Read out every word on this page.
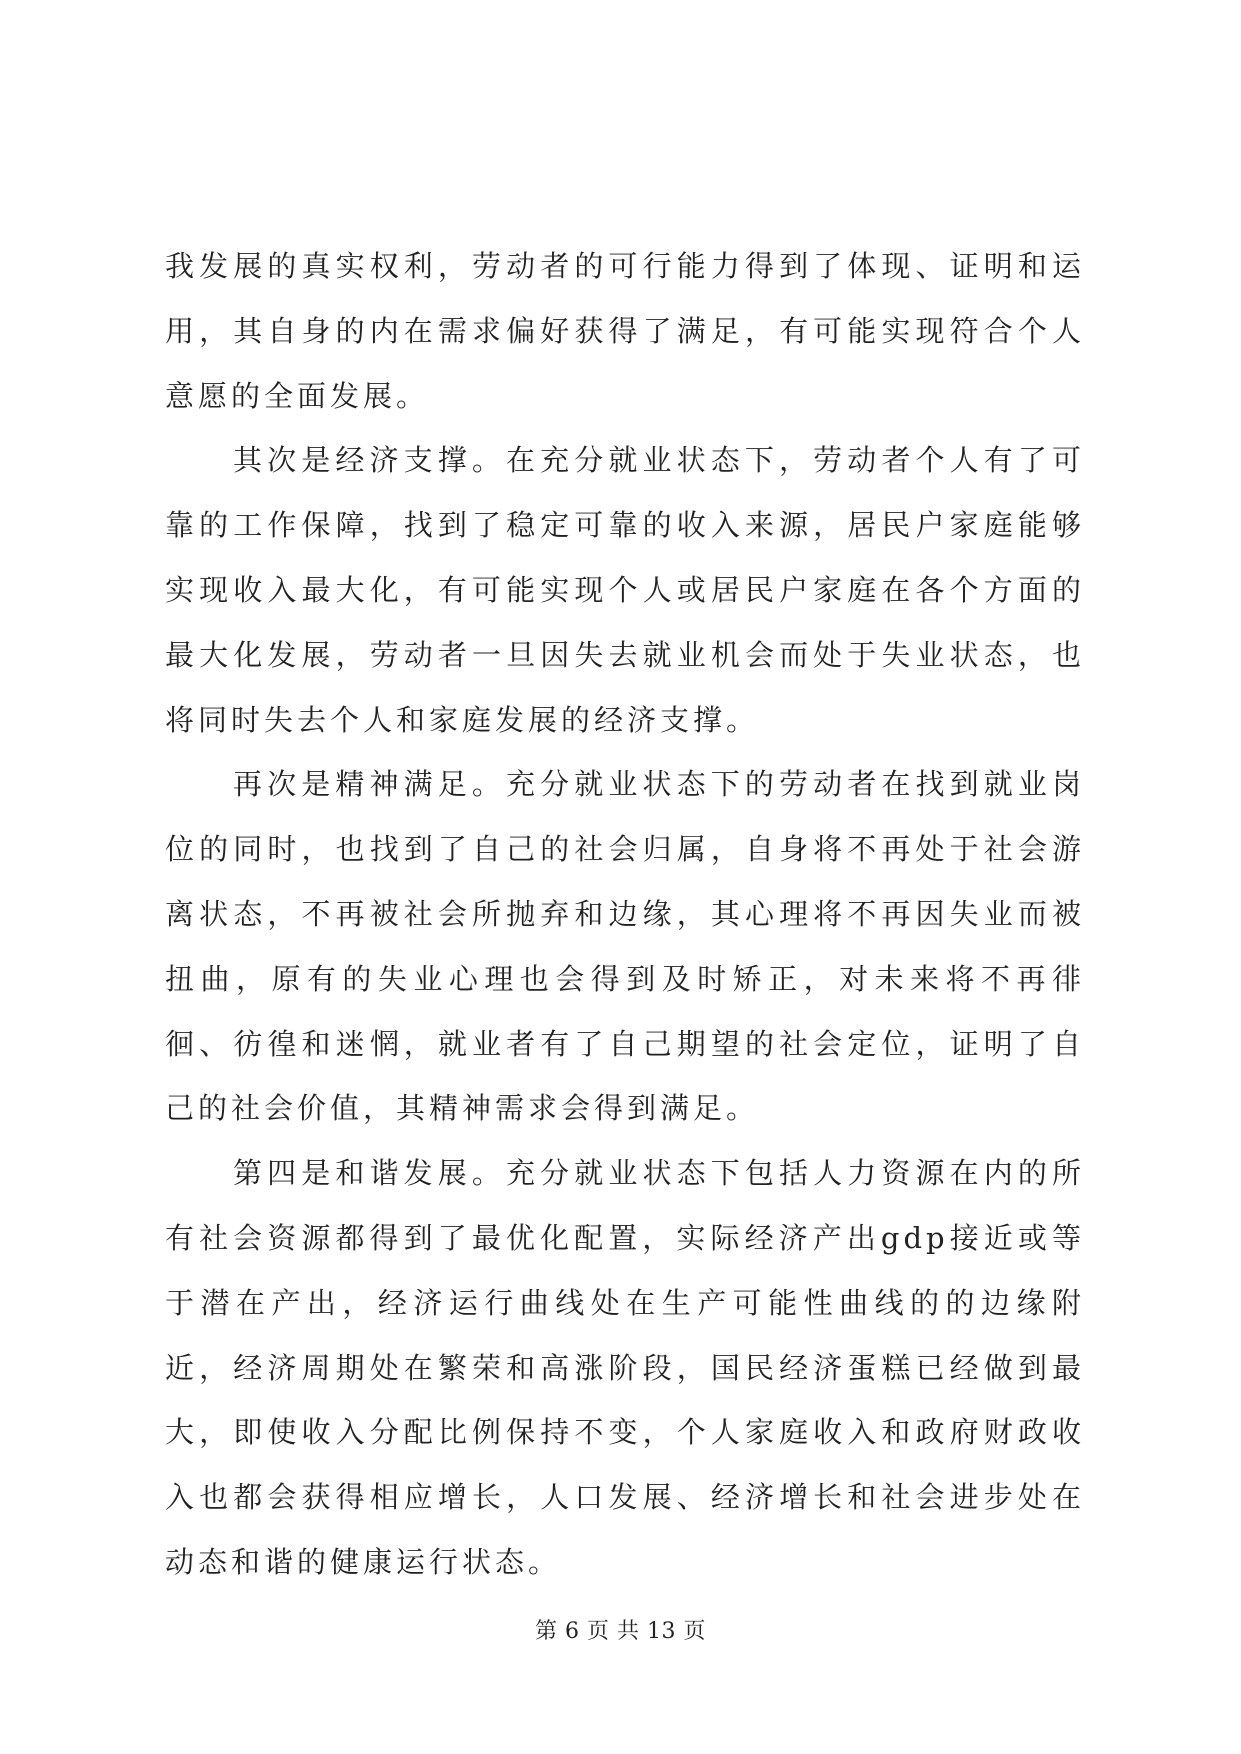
我发展的真实权利，劳动者的可行能力得到了体现、证明和运用，其自身的内在需求偏好获得了满足，有可能实现符合个人意愿的全面发展。

其次是经济支撑。在充分就业状态下，劳动者个人有了可靠的工作保障，找到了稳定可靠的收入来源，居民户家庭能够实现收入最大化，有可能实现个人或居民户家庭在各个方面的最大化发展，劳动者一旦因失去就业机会而处于失业状态，也将同时失去个人和家庭发展的经济支撑。

再次是精神满足。充分就业状态下的劳动者在找到就业岗位的同时，也找到了自己的社会归属，自身将不再处于社会游离状态，不再被社会所抛弃和边缘，其心理将不再因失业而被扭曲，原有的失业心理也会得到及时矫正，对未来将不再徘徊、彷徨和迷惘，就业者有了自己期望的社会定位，证明了自己的社会价值，其精神需求会得到满足。

第四是和谐发展。充分就业状态下包括人力资源在内的所有社会资源都得到了最优化配置，实际经济产出gdp接近或等于潜在产出，经济运行曲线处在生产可能性曲线的的边缘附近，经济周期处在繁荣和高涨阶段，国民经济蛋糕已经做到最大，即使收入分配比例保持不变，个人家庭收入和政府财政收入也都会获得相应增长，人口发展、经济增长和社会进步处在动态和谐的健康运行状态。

第 6 页 共 13 页
